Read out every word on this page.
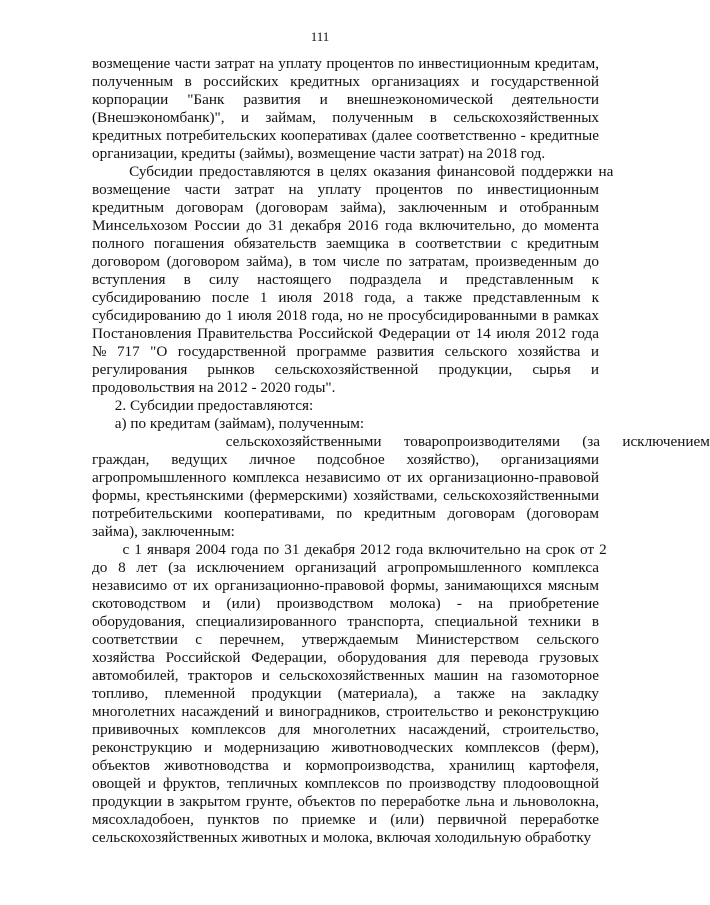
111
возмещение части затрат на уплату процентов по инвестиционным кредитам,
полученным в российских кредитных организациях и государственной
корпорации "Банк развития и внешнеэкономической деятельности
(Внешэкономбанк)", и займам, полученным в сельскохозяйственных
кредитных потребительских кооперативах (далее соответственно - кредитные
организации, кредиты (займы), возмещение части затрат) на 2018 год.
Субсидии предоставляются в целях оказания финансовой поддержки на
возмещение части затрат на уплату процентов по инвестиционным
кредитным договорам (договорам займа), заключенным и отобранным
Минсельхозом России до 31 декабря 2016 года включительно, до момента
полного погашения обязательств заемщика в соответствии с кредитным
договором (договором займа), в том числе по затратам, произведенным до
вступления в силу настоящего подраздела и представленным к
субсидированию после 1 июля 2018 года, а также представленным к
субсидированию до 1 июля 2018 года, но не просубсидированными в рамках
Постановления Правительства Российской Федерации от 14 июля 2012 года
№ 717 "О государственной программе развития сельского хозяйства и
регулирования рынков сельскохозяйственной продукции, сырья и
продовольствия на 2012 - 2020 годы".
2. Субсидии предоставляются:
а) по кредитам (займам), полученным:
сельскохозяйственными товаропроизводителями (за исключением
граждан, ведущих личное подсобное хозяйство), организациями
агропромышленного комплекса независимо от их организационно-правовой
формы, крестьянскими (фермерскими) хозяйствами, сельскохозяйственными
потребительскими кооперативами, по кредитным договорам (договорам
займа), заключенным:
с 1 января 2004 года по 31 декабря 2012 года включительно на срок от 2
до 8 лет (за исключением организаций агропромышленного комплекса
независимо от их организационно-правовой формы, занимающихся мясным
скотоводством и (или) производством молока) - на приобретение
оборудования, специализированного транспорта, специальной техники в
соответствии с перечнем, утверждаемым Министерством сельского
хозяйства Российской Федерации, оборудования для перевода грузовых
автомобилей, тракторов и сельскохозяйственных машин на газомоторное
топливо, племенной продукции (материала), а также на закладку
многолетних насаждений и виноградников, строительство и реконструкцию
прививочных комплексов для многолетних насаждений, строительство,
реконструкцию и модернизацию животноводческих комплексов (ферм),
объектов животноводства и кормопроизводства, хранилищ картофеля,
овощей и фруктов, тепличных комплексов по производству плодоовощной
продукции в закрытом грунте, объектов по переработке льна и льноволокна,
мясохладобоен, пунктов по приемке и (или) первичной переработке
сельскохозяйственных животных и молока, включая холодильную обработку
